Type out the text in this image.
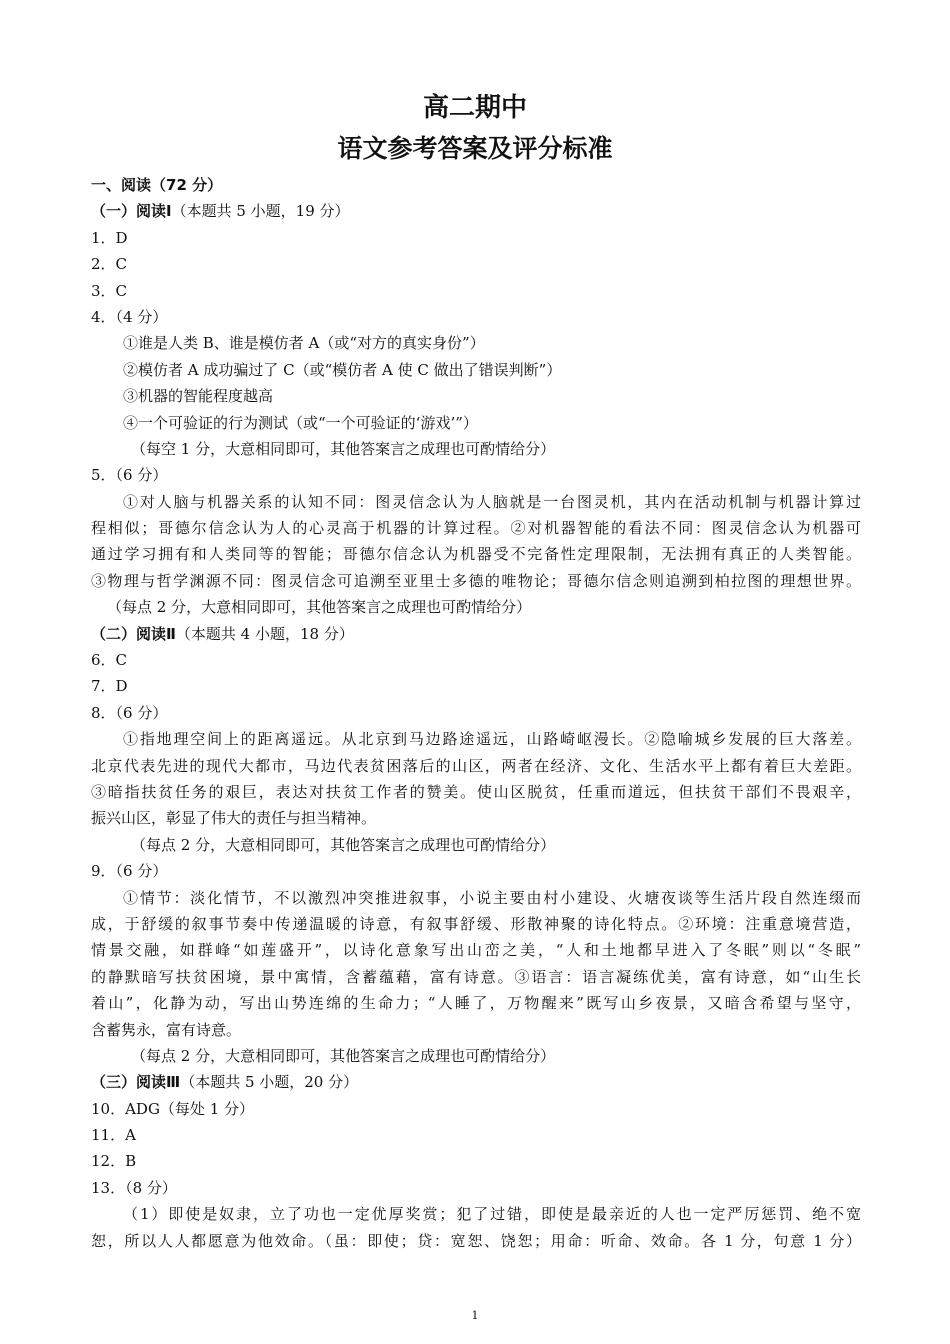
高二期中
语文参考答案及评分标准
一、阅读（72 分）
（一）阅读Ⅰ（本题共 5 小题，19 分）
1．D
2．C
3．C
4．（4 分）
①谁是人类 B、谁是模仿者 A（或“对方的真实身份”）
②模仿者 A 成功骗过了 C（或“模仿者 A 使 C 做出了错误判断”）
③机器的智能程度越高
④一个可验证的行为测试（或“一个可验证的‘游戏’”）
（每空 1 分，大意相同即可，其他答案言之成理也可酌情给分）
5．（6 分）
①对人脑与机器关系的认知不同：图灵信念认为人脑就是一台图灵机，其内在活动机制与机器计算过
程相似；哥德尔信念认为人的心灵高于机器的计算过程。②对机器智能的看法不同：图灵信念认为机器可
通过学习拥有和人类同等的智能；哥德尔信念认为机器受不完备性定理限制，无法拥有真正的人类智能。
③物理与哲学渊源不同：图灵信念可追溯至亚里士多德的唯物论；哥德尔信念则追溯到柏拉图的理想世界。
（每点 2 分，大意相同即可，其他答案言之成理也可酌情给分）
（二）阅读Ⅱ（本题共 4 小题，18 分）
6．C
7．D
8．（6 分）
①指地理空间上的距离遥远。从北京到马边路途遥远，山路崎岖漫长。②隐喻城乡发展的巨大落差。
北京代表先进的现代大都市，马边代表贫困落后的山区，两者在经济、文化、生活水平上都有着巨大差距。
③暗指扶贫任务的艰巨，表达对扶贫工作者的赞美。使山区脱贫，任重而道远，但扶贫干部们不畏艰辛，
振兴山区，彰显了伟大的责任与担当精神。
（每点 2 分，大意相同即可，其他答案言之成理也可酌情给分）
9．（6 分）
①情节：淡化情节，不以激烈冲突推进叙事，小说主要由村小建设、火塘夜谈等生活片段自然连缀而
成，于舒缓的叙事节奏中传递温暖的诗意，有叙事舒缓、形散神聚的诗化特点。②环境：注重意境营造，
情景交融，如群峰“如莲盛开”，以诗化意象写出山峦之美，“人和土地都早进入了冬眠”则以“冬眠”
的静默暗写扶贫困境，景中寓情，含蓄蕴藉，富有诗意。③语言：语言凝练优美，富有诗意，如“山生长
着山”，化静为动，写出山势连绵的生命力；“人睡了，万物醒来”既写山乡夜景，又暗含希望与坚守，
含蓄隽永，富有诗意。
（每点 2 分，大意相同即可，其他答案言之成理也可酌情给分）
（三）阅读Ⅲ（本题共 5 小题，20 分）
10．ADG（每处 1 分）
11．A
12．B
13．（8 分）
（1）即使是奴隶，立了功也一定优厚奖赏；犯了过错，即使是最亲近的人也一定严厉惩罚、绝不宽
恕，所以人人都愿意为他效命。（虽：即使；贷：宽恕、饶恕；用命：听命、效命。各 1 分，句意 1 分）
1
